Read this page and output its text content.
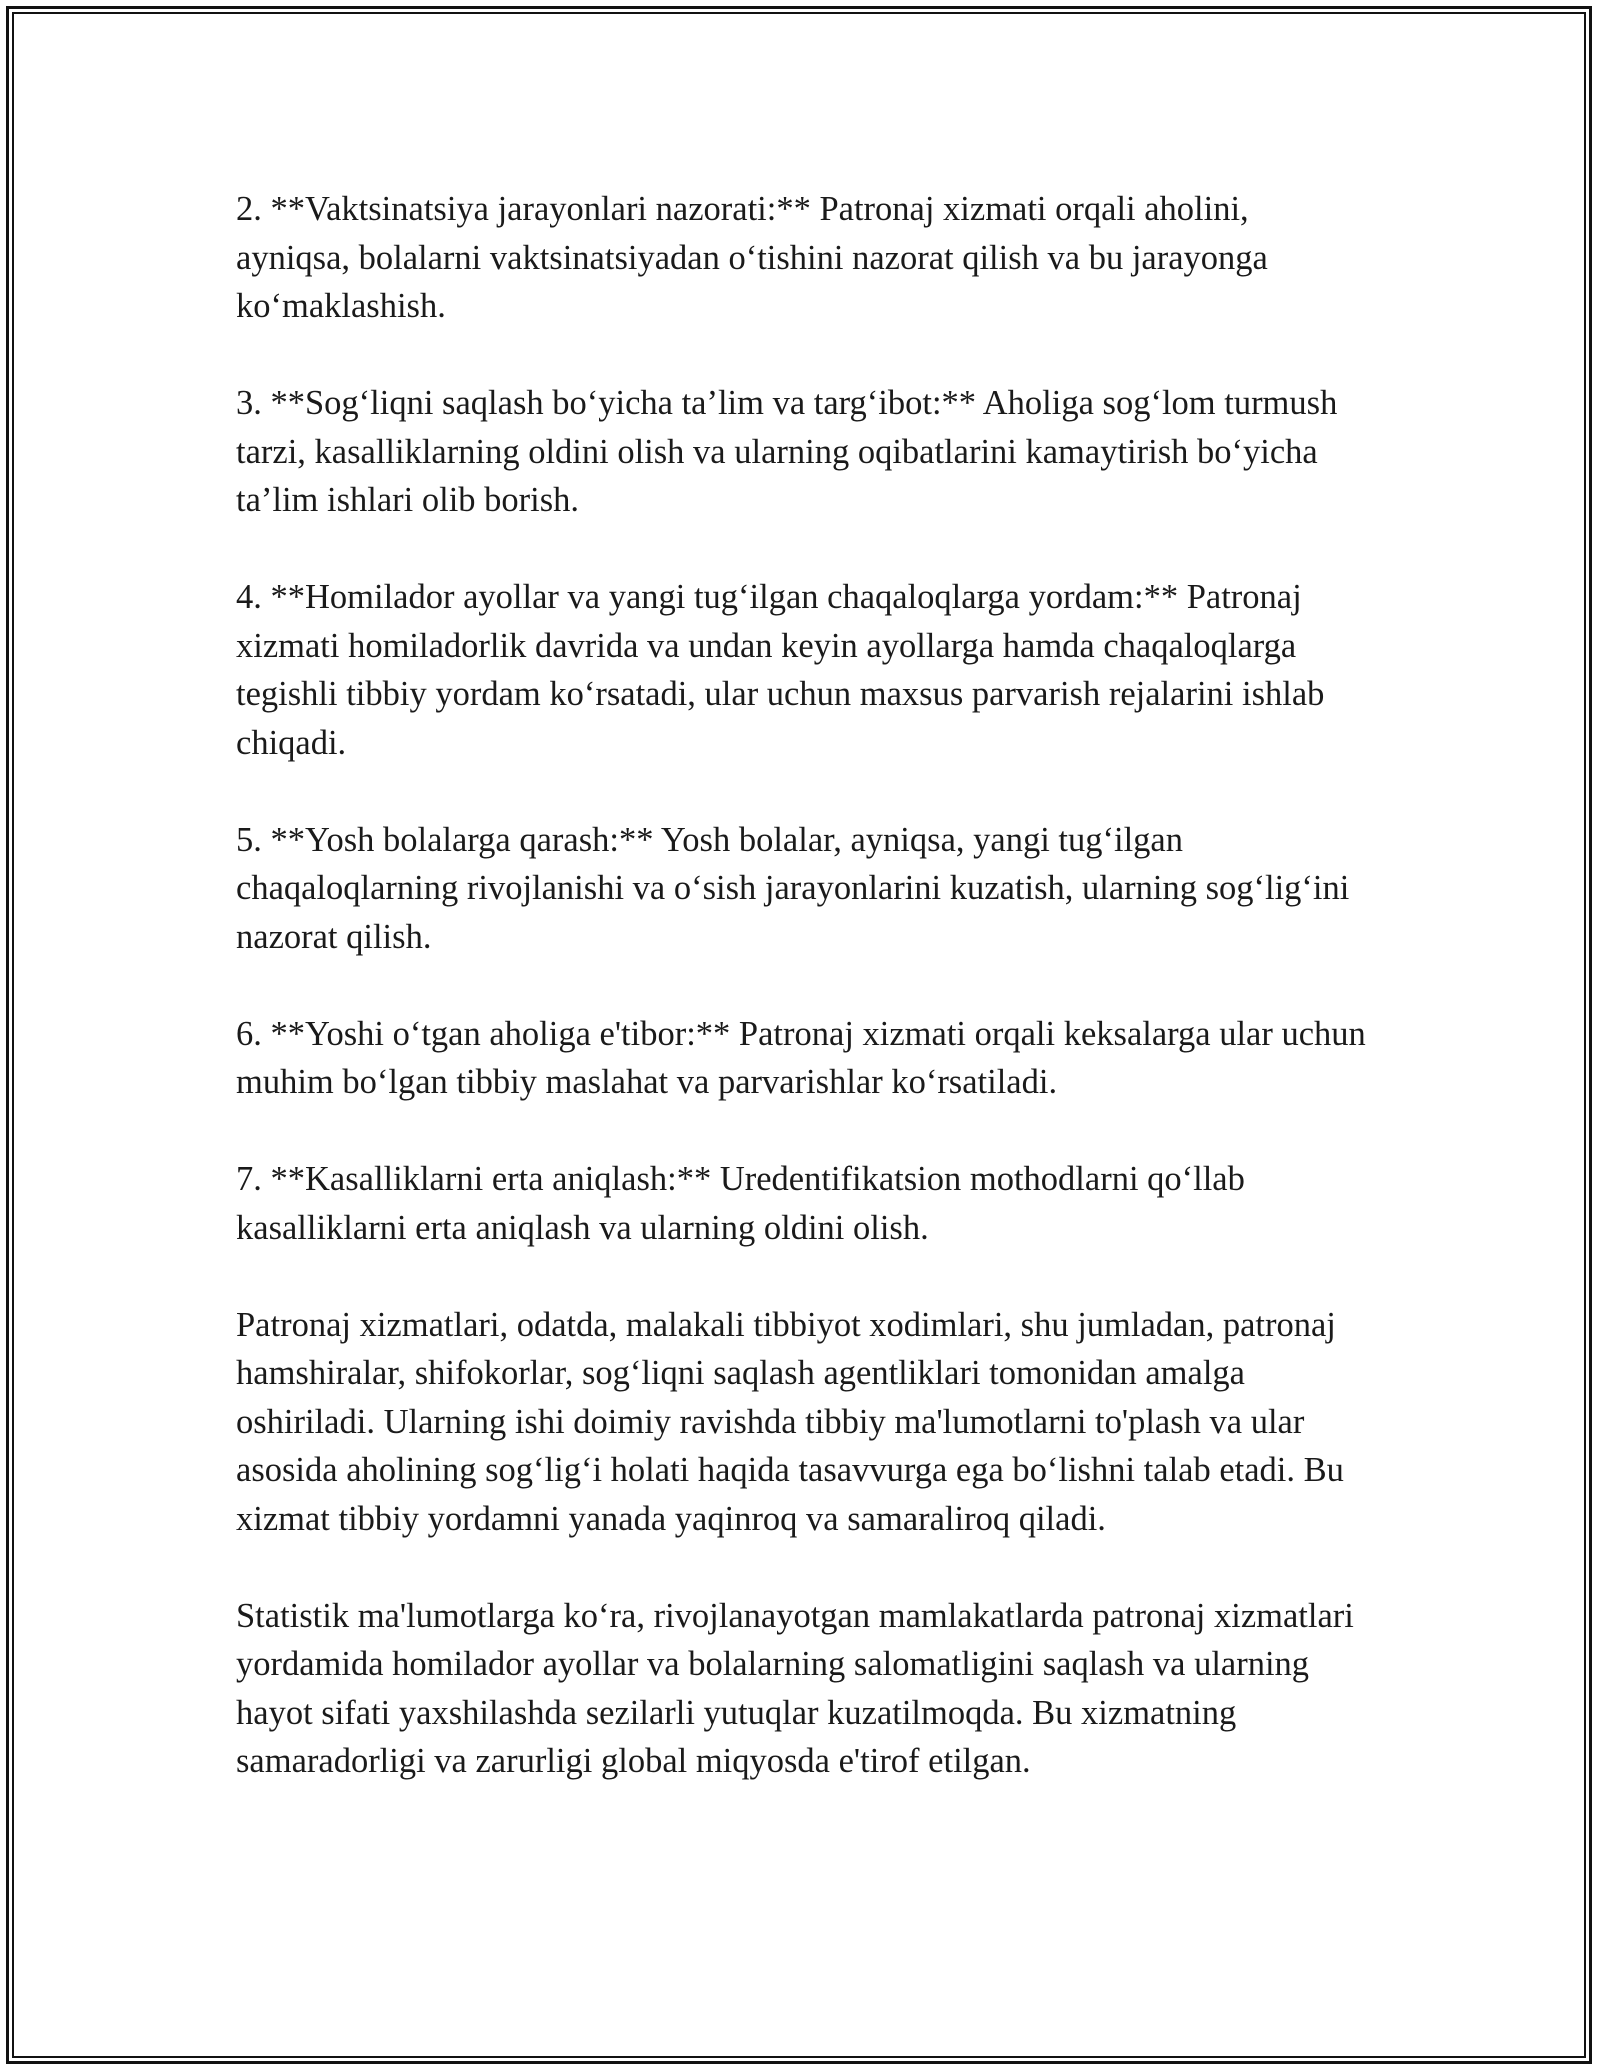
2. **Vaktsinatsiya jarayonlari nazorati:** Patronaj xizmati orqali aholini, ayniqsa, bolalarni vaktsinatsiyadan o‘tishini nazorat qilish va bu jarayonga ko‘maklashish.

3. **Sog‘liqni saqlash bo‘yicha ta’lim va targ‘ibot:** Aholiga sog‘lom turmush tarzi, kasalliklarning oldini olish va ularning oqibatlarini kamaytirish bo‘yicha ta’lim ishlari olib borish.

4. **Homilador ayollar va yangi tug‘ilgan chaqaloqlarga yordam:** Patronaj xizmati homiladorlik davrida va undan keyin ayollarga hamda chaqaloqlarga tegishli tibbiy yordam ko‘rsatadi, ular uchun maxsus parvarish rejalarini ishlab chiqadi.

5. **Yosh bolalarga qarash:** Yosh bolalar, ayniqsa, yangi tug‘ilgan chaqaloqlarning rivojlanishi va o‘sish jarayonlarini kuzatish, ularning sog‘lig‘ini nazorat qilish.

6. **Yoshi o‘tgan aholiga e'tibor:** Patronaj xizmati orqali keksalarga ular uchun muhim bo‘lgan tibbiy maslahat va parvarishlar ko‘rsatiladi.

7. **Kasalliklarni erta aniqlash:** Uredentifikatsion mothodlarni qo‘llab kasalliklarni erta aniqlash va ularning oldini olish.

Patronaj xizmatlari, odatda, malakali tibbiyot xodimlari, shu jumladan, patronaj hamshiralar, shifokorlar, sog‘liqni saqlash agentliklari tomonidan amalga oshiriladi. Ularning ishi doimiy ravishda tibbiy ma'lumotlarni to'plash va ular asosida aholining sog‘lig‘i holati haqida tasavvurga ega bo‘lishni talab etadi. Bu xizmat tibbiy yordamni yanada yaqinroq va samaraliroq qiladi.

Statistik ma'lumotlarga ko‘ra, rivojlanayotgan mamlakatlarda patronaj xizmatlari yordamida homilador ayollar va bolalarning salomatligini saqlash va ularning hayot sifati yaxshilashda sezilarli yutuqlar kuzatilmoqda. Bu xizmatning samaradorligi va zarurligi global miqyosda e'tirof etilgan.
